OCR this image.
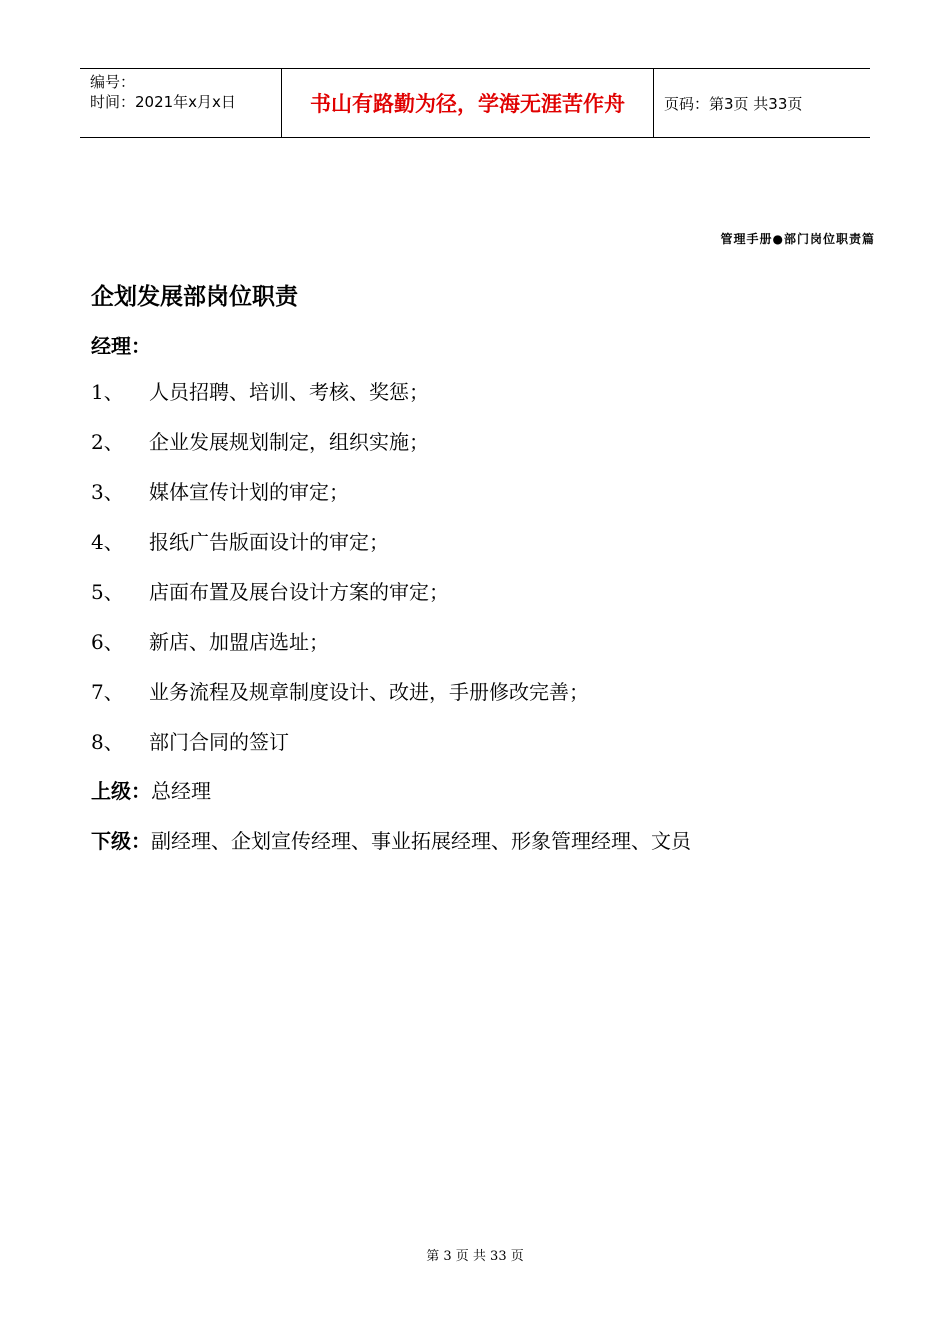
编号：
时间：2021年x月x日	书山有路勤为径，学海无涯苦作舟	页码：第3页 共33页
管理手册●部门岗位职责篇
企划发展部岗位职责
经理：
1、	人员招聘、培训、考核、奖惩；
2、	企业发展规划制定，组织实施；
3、	媒体宣传计划的审定；
4、	报纸广告版面设计的审定；
5、	店面布置及展台设计方案的审定；
6、	新店、加盟店选址；
7、	业务流程及规章制度设计、改进，手册修改完善；
8、	部门合同的签订
上级：总经理
下级：副经理、企划宣传经理、事业拓展经理、形象管理经理、文员
第 3 页 共 33 页
